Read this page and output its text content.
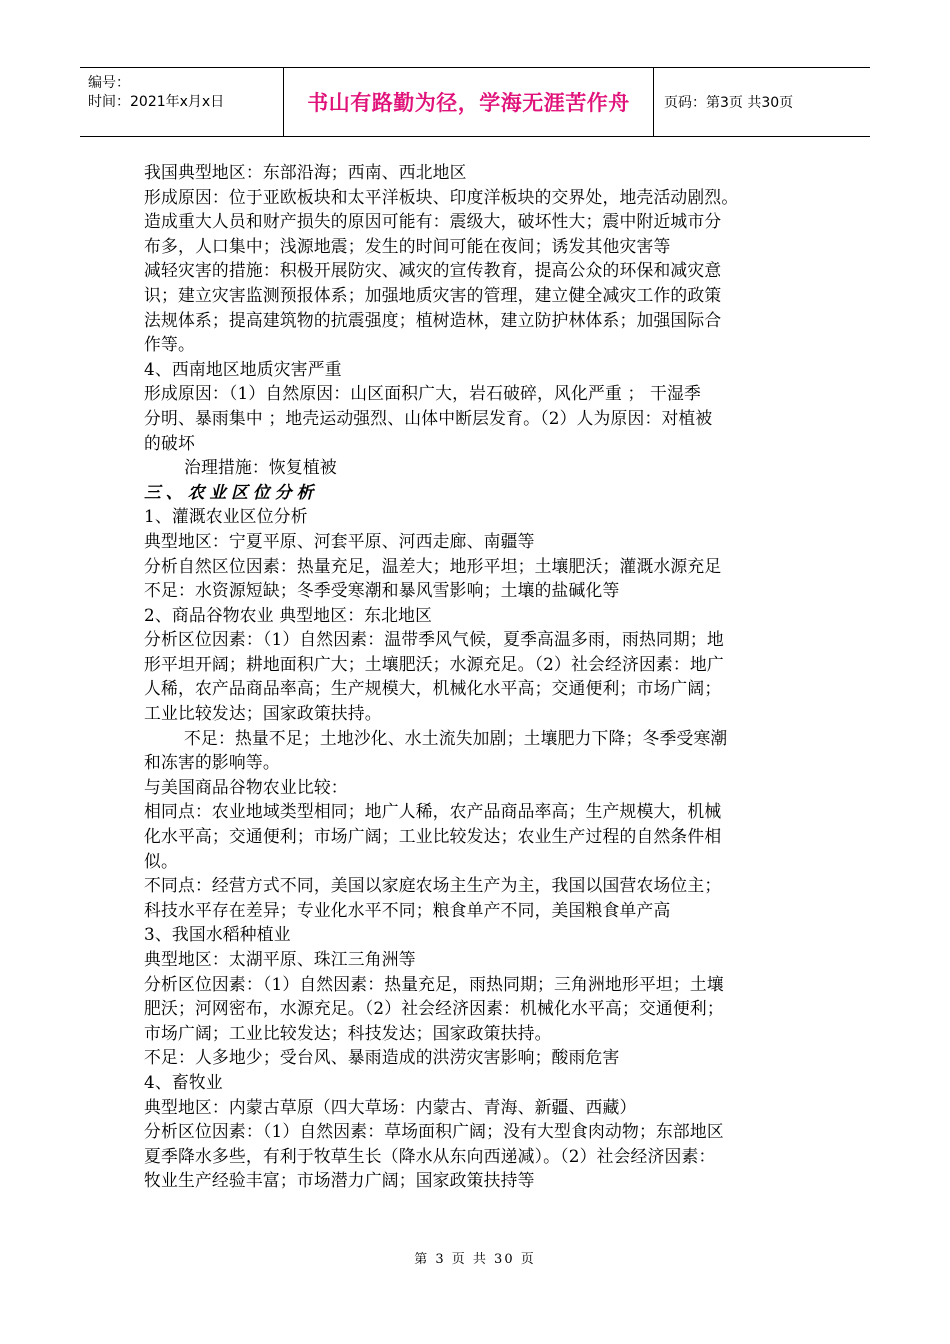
编号：
时间：2021年x月x日	书山有路勤为径，学海无涯苦作舟 页码：第3页 共30页
我国典型地区：东部沿海；西南、西北地区
形成原因：位于亚欧板块和太平洋板块、印度洋板块的交界处，地壳活动剧烈。
造成重大人员和财产损失的原因可能有：震级大，破坏性大；震中附近城市分
布多，人口集中；浅源地震；发生的时间可能在夜间；诱发其他灾害等
减轻灾害的措施：积极开展防灾、减灾的宣传教育，提高公众的环保和减灾意
识；建立灾害监测预报体系；加强地质灾害的管理，建立健全减灾工作的政策
法规体系；提高建筑物的抗震强度；植树造林，建立防护林体系；加强国际合
作等。
4、西南地区地质灾害严重
形成原因：（1）自然原因：山区面积广大，岩石破碎，风化严重 ； 干湿季
分明、暴雨集中 ；地壳运动强烈、山体中断层发育。（2）人为原因：对植被
的破坏
治理措施：恢复植被
三、农业区位分析
1、灌溉农业区位分析
典型地区：宁夏平原、河套平原、河西走廊、南疆等
分析自然区位因素：热量充足，温差大；地形平坦；土壤肥沃；灌溉水源充足
不足：水资源短缺；冬季受寒潮和暴风雪影响；土壤的盐碱化等
2、商品谷物农业 典型地区：东北地区
分析区位因素：（1）自然因素：温带季风气候，夏季高温多雨，雨热同期；地
形平坦开阔；耕地面积广大；土壤肥沃；水源充足。（2）社会经济因素：地广
人稀，农产品商品率高；生产规模大，机械化水平高；交通便利；市场广阔；
工业比较发达；国家政策扶持。
不足：热量不足；土地沙化、水土流失加剧；土壤肥力下降；冬季受寒潮
和冻害的影响等。
与美国商品谷物农业比较：
相同点：农业地域类型相同；地广人稀，农产品商品率高；生产规模大，机械
化水平高；交通便利；市场广阔；工业比较发达；农业生产过程的自然条件相
似。
不同点：经营方式不同，美国以家庭农场主生产为主，我国以国营农场位主；
科技水平存在差异；专业化水平不同；粮食单产不同，美国粮食单产高
3、我国水稻种植业
典型地区：太湖平原、珠江三角洲等
分析区位因素：（1）自然因素：热量充足，雨热同期；三角洲地形平坦；土壤
肥沃；河网密布，水源充足。（2）社会经济因素：机械化水平高；交通便利；
市场广阔；工业比较发达；科技发达；国家政策扶持。
不足：人多地少；受台风、暴雨造成的洪涝灾害影响；酸雨危害
4、畜牧业
典型地区：内蒙古草原（四大草场：内蒙古、青海、新疆、西藏）
分析区位因素：（1）自然因素：草场面积广阔；没有大型食肉动物；东部地区
夏季降水多些，有利于牧草生长（降水从东向西递减）。（2）社会经济因素：
牧业生产经验丰富；市场潜力广阔；国家政策扶持等
第 3 页 共 30 页
